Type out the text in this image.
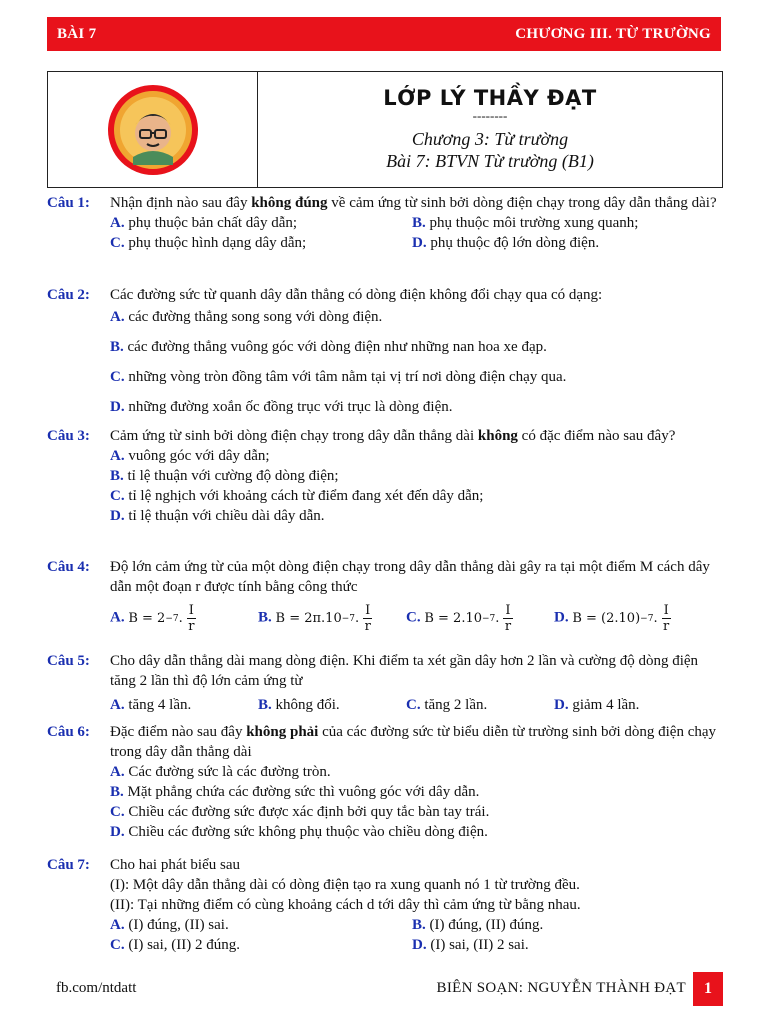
BÀI 7	CHƯƠNG III. TỪ TRƯỜNG
LỚP LÝ THẦY ĐẠT
--------
Chương 3: Từ trường
Bài 7: BTVN Từ trường (B1)
Câu 1:	Nhận định nào sau đây không đúng về cảm ứng từ sinh bởi dòng điện chạy trong dây dẫn thẳng dài?
A. phụ thuộc bản chất dây dẫn;	B. phụ thuộc môi trường xung quanh;
C. phụ thuộc hình dạng dây dẫn;	D. phụ thuộc độ lớn dòng điện.
Câu 2:	Các đường sức từ quanh dây dẫn thẳng có dòng điện không đổi chạy qua có dạng:
A. các đường thẳng song song với dòng điện.
B. các đường thẳng vuông góc với dòng điện như những nan hoa xe đạp.
C. những vòng tròn đồng tâm với tâm nằm tại vị trí nơi dòng điện chạy qua.
D. những đường xoắn ốc đồng trục với trục là dòng điện.
Câu 3:	Cảm ứng từ sinh bởi dòng điện chạy trong dây dẫn thẳng dài không có đặc điểm nào sau đây?
A. vuông góc với dây dẫn;
B. tỉ lệ thuận với cường độ dòng điện;
C. tỉ lệ nghịch với khoảng cách từ điểm đang xét đến dây dẫn;
D. tỉ lệ thuận với chiều dài dây dẫn.
Câu 4:	Độ lớn cảm ứng từ của một dòng điện chạy trong dây dẫn thẳng dài gây ra tại một điểm M cách dây dẫn một đoạn r được tính bằng công thức
A. B = 2 −7 . $\frac{I}{r}$	B. B = 2π.10 −7 . $\frac{I}{r} C$. B = 2.10 −7 . $\frac{I}{r}$	D. B = (2.10) −7 . $\frac{I}{r}$
Câu 5:	Cho dây dẫn thẳng dài mang dòng điện. Khi điểm ta xét gần dây hơn 2 lần và cường độ dòng điện tăng 2 lần thì độ lớn cảm ứng từ
A. tăng 4 lần.	B. không đổi.	C. tăng 2 lần.	D. giảm 4 lần.
Câu 6:	Đặc điểm nào sau đây không phải của các đường sức từ biểu diễn từ trường sinh bởi dòng điện chạy trong dây dẫn thẳng dài
A. Các đường sức là các đường tròn.
B. Mặt phẳng chứa các đường sức thì vuông góc với dây dẫn.
C. Chiều các đường sức được xác định bởi quy tắc bàn tay trái.
D. Chiều các đường sức không phụ thuộc vào chiều dòng điện.
Câu 7:	Cho hai phát biểu sau
(I): Một dây dẫn thẳng dài có dòng điện tạo ra xung quanh nó 1 từ trường đều.
(II): Tại những điểm có cùng khoảng cách d tới dây thì cảm ứng từ bằng nhau.
A. (I) đúng, (II) sai.	B. (I) đúng, (II) đúng.
C. (I) sai, (II) 2 đúng.	D. (I) sai, (II) 2 sai.
fb.com/ntdatt	BIÊN SOẠN: NGUYỄN THÀNH ĐẠT	1
